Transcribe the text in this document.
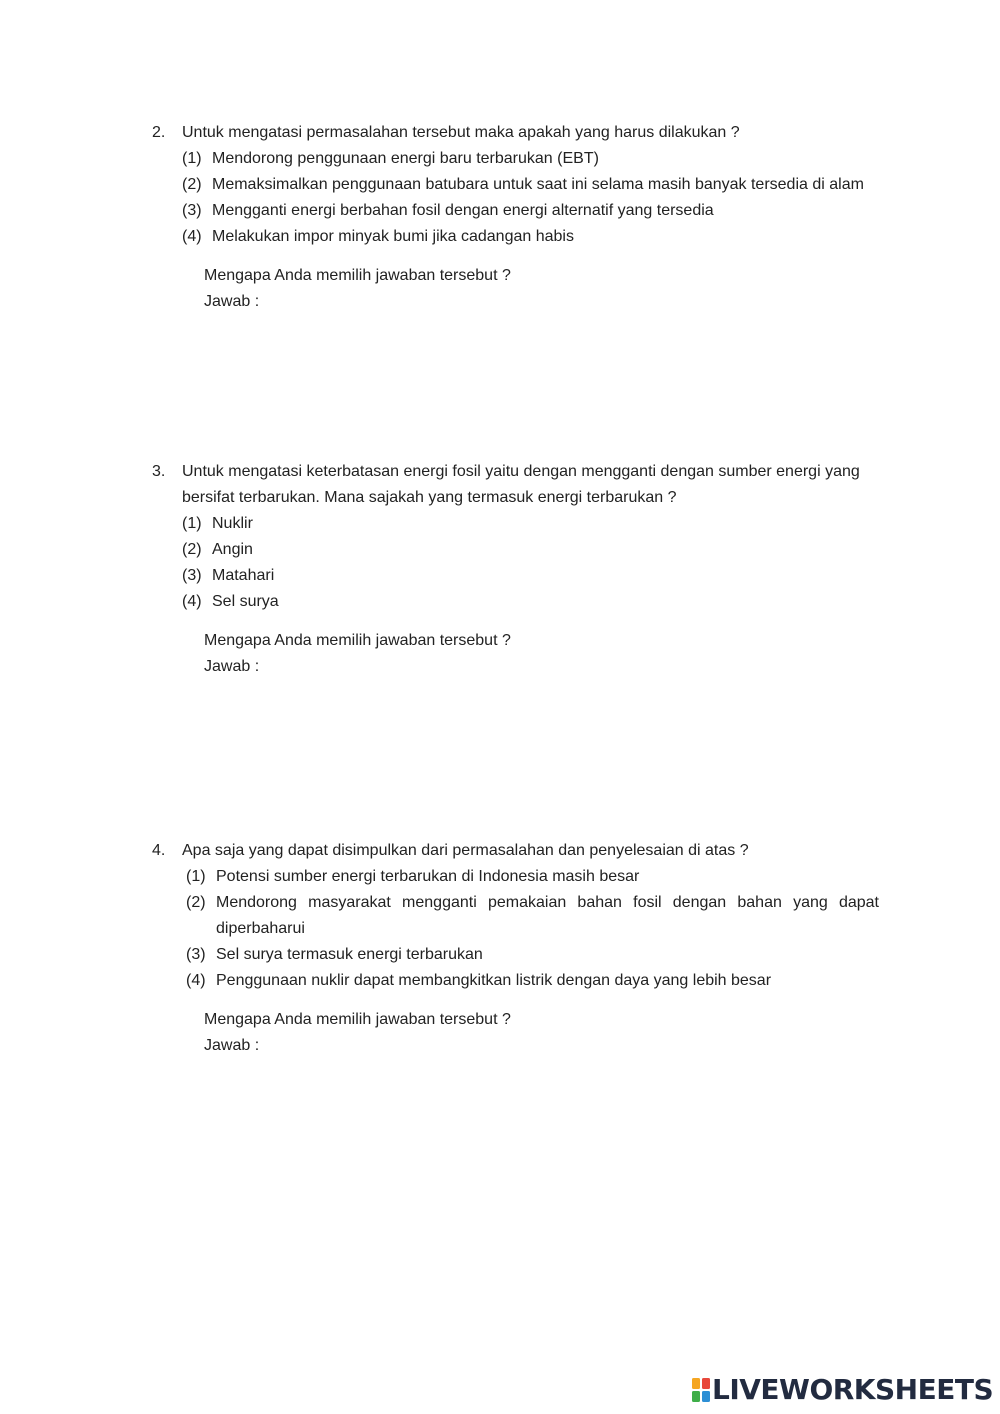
2. Untuk mengatasi permasalahan tersebut maka apakah yang harus dilakukan ?
(1) Mendorong penggunaan energi baru terbarukan (EBT)
(2) Memaksimalkan penggunaan batubara untuk saat ini selama masih banyak tersedia di alam
(3) Mengganti energi berbahan fosil dengan energi alternatif yang tersedia
(4) Melakukan impor minyak bumi jika cadangan habis
Mengapa Anda memilih jawaban tersebut ?
Jawab :
3. Untuk mengatasi keterbatasan energi fosil yaitu dengan mengganti dengan sumber energi yang
bersifat terbarukan. Mana sajakah yang termasuk energi terbarukan ?
(1) Nuklir
(2) Angin
(3) Matahari
(4) Sel surya
Mengapa Anda memilih jawaban tersebut ?
Jawab :
4. Apa saja yang dapat disimpulkan dari permasalahan dan penyelesaian di atas ?
(1) Potensi sumber energi terbarukan di Indonesia masih besar
(2) Mendorong masyarakat mengganti pemakaian bahan fosil dengan bahan yang dapat
diperbaharui
(3) Sel surya termasuk energi terbarukan
(4) Penggunaan nuklir dapat membangkitkan listrik dengan daya yang lebih besar
Mengapa Anda memilih jawaban tersebut ?
Jawab :
LIVEWORKSHEETS
